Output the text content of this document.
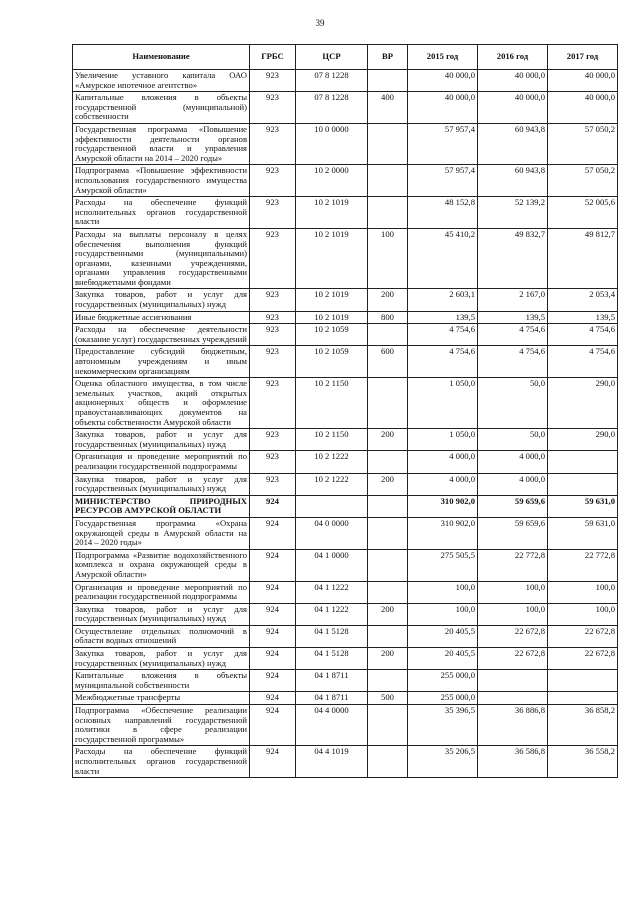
39
Наименование	ГРБС	ЦСР	ВР	2015 год	2016 год	2017 год
Увеличение уставного капитала ОАО «Амурское ипотечное агентство»	923	07 8 1228		40 000,0	40 000,0	40 000,0
Капитальные вложения в объекты государственной (муниципальной) собственности	923	07 8 1228	400	40 000,0	40 000,0	40 000,0
Государственная программа «Повышение эффективности деятельности органов государственной власти и управления Амурской области на 2014 – 2020 годы»	923	10 0 0000		57 957,4	60 943,8	57 050,2
Подпрограмма «Повышение эффективности использования государственного имущества Амурской области»	923	10 2 0000		57 957,4	60 943,8	57 050,2
Расходы на обеспечение функций исполнительных органов государственной власти	923	10 2 1019		48 152,8	52 139,2	52 005,6
Расходы на выплаты персоналу в целях обеспечения выполнения функций государственными (муниципальными) органами, казенными учреждениями, органами управления государственными внебюджетными фондами	923	10 2 1019	100	45 410,2	49 832,7	49 812,7
Закупка товаров, работ и услуг для государственных (муниципальных) нужд	923	10 2 1019	200	2 603,1	2 167,0	2 053,4
Иные бюджетные ассигнования	923	10 2 1019	800	139,5	139,5	139,5
Расходы на обеспечение деятельности (оказание услуг) государственных учреждений	923	10 2 1059		4 754,6	4 754,6	4 754,6
Предоставление субсидий бюджетным, автономным учреждениям и иным некоммерческим организациям	923	10 2 1059	600	4 754,6	4 754,6	4 754,6
Оценка областного имущества, в том числе земельных участков, акций открытых акционерных обществ и оформление правоустанавливающих документов на объекты собственности Амурской области	923	10 2 1150		1 050,0	50,0	290,0
Закупка товаров, работ и услуг для государственных (муниципальных) нужд	923	10 2 1150	200	1 050,0	50,0	290,0
Организация и проведение мероприятий по реализации государственной подпрограммы	923	10 2 1222		4 000,0	4 000,0	
Закупка товаров, работ и услуг для государственных (муниципальных) нужд	923	10 2 1222	200	4 000,0	4 000,0	
МИНИСТЕРСТВО ПРИРОДНЫХ РЕСУРСОВ АМУРСКОЙ ОБЛАСТИ	924			310 902,0	59 659,6	59 631,0
Государственная программа «Охрана окружающей среды в Амурской области на 2014 – 2020 годы»	924	04 0 0000		310 902,0	59 659,6	59 631,0
Подпрограмма «Развитие водохозяйственного комплекса и охрана окружающей среды в Амурской области»	924	04 1 0000		275 505,5	22 772,8	22 772,8
Организация и проведение мероприятий по реализации государственной подпрограммы	924	04 1 1222		100,0	100,0	100,0
Закупка товаров, работ и услуг для государственных (муниципальных) нужд	924	04 1 1222	200	100,0	100,0	100,0
Осуществление отдельных полномочий в области водных отношений	924	04 1 5128		20 405,5	22 672,8	22 672,8
Закупка товаров, работ и услуг для государственных (муниципальных) нужд	924	04 1 5128	200	20 405,5	22 672,8	22 672,8
Капитальные вложения в объекты муниципальной собственности	924	04 1 8711		255 000,0		
Межбюджетные трансферты	924	04 1 8711	500	255 000,0		
Подпрограмма «Обеспечение реализации основных направлений государственной политики в сфере реализации государственной программы»	924	04 4 0000		35 396,5	36 886,8	36 858,2
Расходы на обеспечение функций исполнительных органов государственной власти	924	04 4 1019		35 206,5	36 586,8	36 558,2
